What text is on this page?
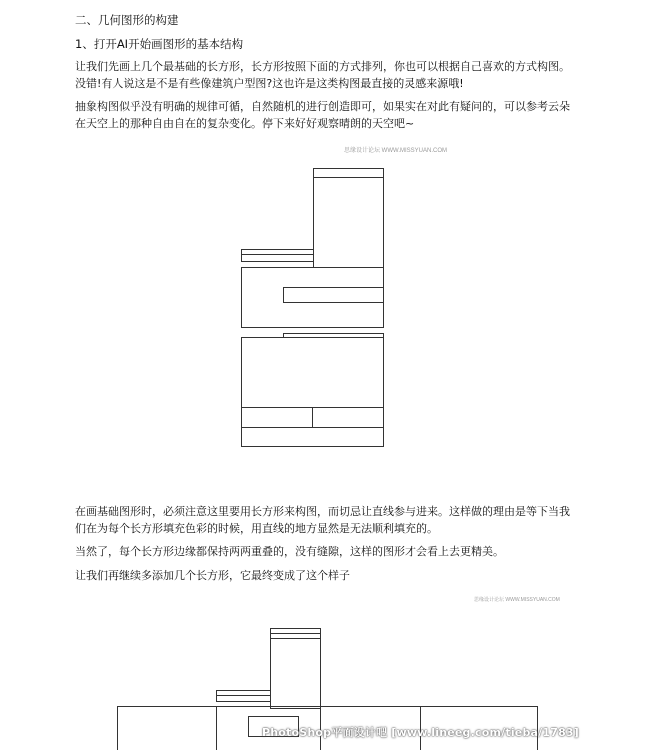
二、几何图形的构建

1、打开AI开始画图形的基本结构

让我们先画上几个最基础的长方形，长方形按照下面的方式排列，你也可以根据自己喜欢的方式构图。没错!有人说这是不是有些像建筑户型图?这也许是这类构图最直接的灵感来源哦!

抽象构图似乎没有明确的规律可循，自然随机的进行创造即可，如果实在对此有疑问的，可以参考云朵在天空上的那种自由自在的复杂变化。停下来好好观察晴朗的天空吧~

思缘设计论坛 WWW.MISSYUAN.COM

在画基础图形时，必须注意这里要用长方形来构图，而切忌让直线参与进来。这样做的理由是等下当我们在为每个长方形填充色彩的时候，用直线的地方显然是无法顺利填充的。

当然了，每个长方形边缘都保持两两重叠的，没有缝隙，这样的图形才会看上去更精美。

让我们再继续多添加几个长方形，它最终变成了这个样子

思缘设计论坛 WWW.MISSYUAN.COM
PhotoShop平面设计吧 [www.lineeg.com/tieba/1783]
